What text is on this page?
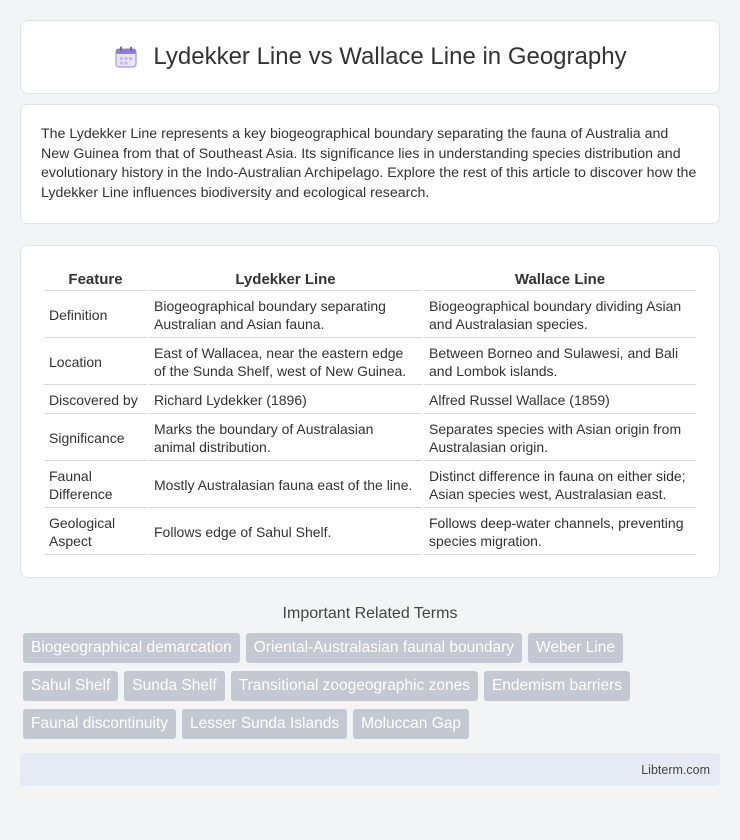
Lydekker Line vs Wallace Line in Geography
The Lydekker Line represents a key biogeographical boundary separating the fauna of Australia and New Guinea from that of Southeast Asia. Its significance lies in understanding species distribution and evolutionary history in the Indo-Australian Archipelago. Explore the rest of this article to discover how the Lydekker Line influences biodiversity and ecological research.
Feature	Lydekker Line	Wallace Line
Definition	Biogeographical boundary separating Australian and Asian fauna.	Biogeographical boundary dividing Asian and Australasian species.
Location	East of Wallacea, near the eastern edge of the Sunda Shelf, west of New Guinea.	Between Borneo and Sulawesi, and Bali and Lombok islands.
Discovered by	Richard Lydekker (1896)	Alfred Russel Wallace (1859)
Significance	Marks the boundary of Australasian animal distribution.	Separates species with Asian origin from Australasian origin.
Faunal Difference	Mostly Australasian fauna east of the line.	Distinct difference in fauna on either side; Asian species west, Australasian east.
Geological Aspect	Follows edge of Sahul Shelf.	Follows deep-water channels, preventing species migration.
Important Related Terms
Biogeographical demarcation	Oriental-Australasian faunal boundary	Weber Line
Sahul Shelf	Sunda Shelf	Transitional zoogeographic zones	Endemism barriers
Faunal discontinuity	Lesser Sunda Islands	Moluccan Gap
Libterm.com
